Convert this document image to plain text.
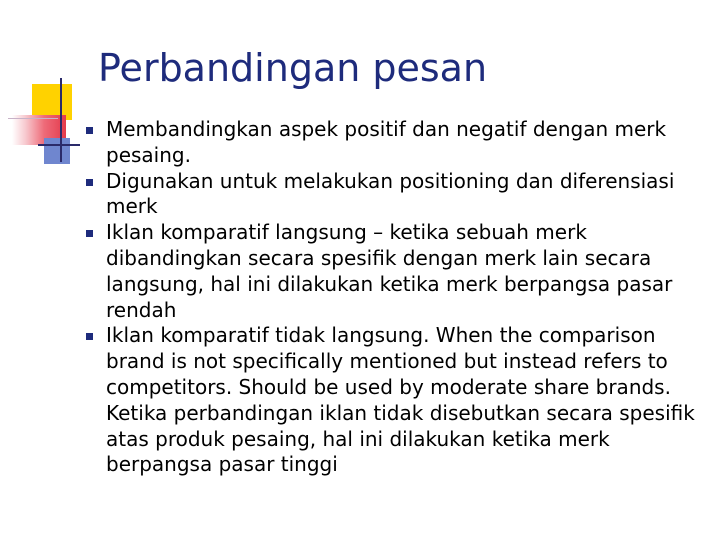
Perbandingan pesan
Membandingkan aspek positif dan negatif dengan merk pesaing.
Digunakan untuk melakukan positioning dan diferensiasi merk
Iklan komparatif langsung – ketika sebuah merk dibandingkan secara spesifik dengan merk lain secara langsung, hal ini dilakukan ketika merk berpangsa pasar rendah
Iklan komparatif tidak langsung. When the comparison brand is not specifically mentioned but instead refers to competitors. Should be used by moderate share brands. Ketika perbandingan iklan tidak disebutkan secara spesifik atas produk pesaing, hal ini dilakukan ketika merk berpangsa pasar tinggi
